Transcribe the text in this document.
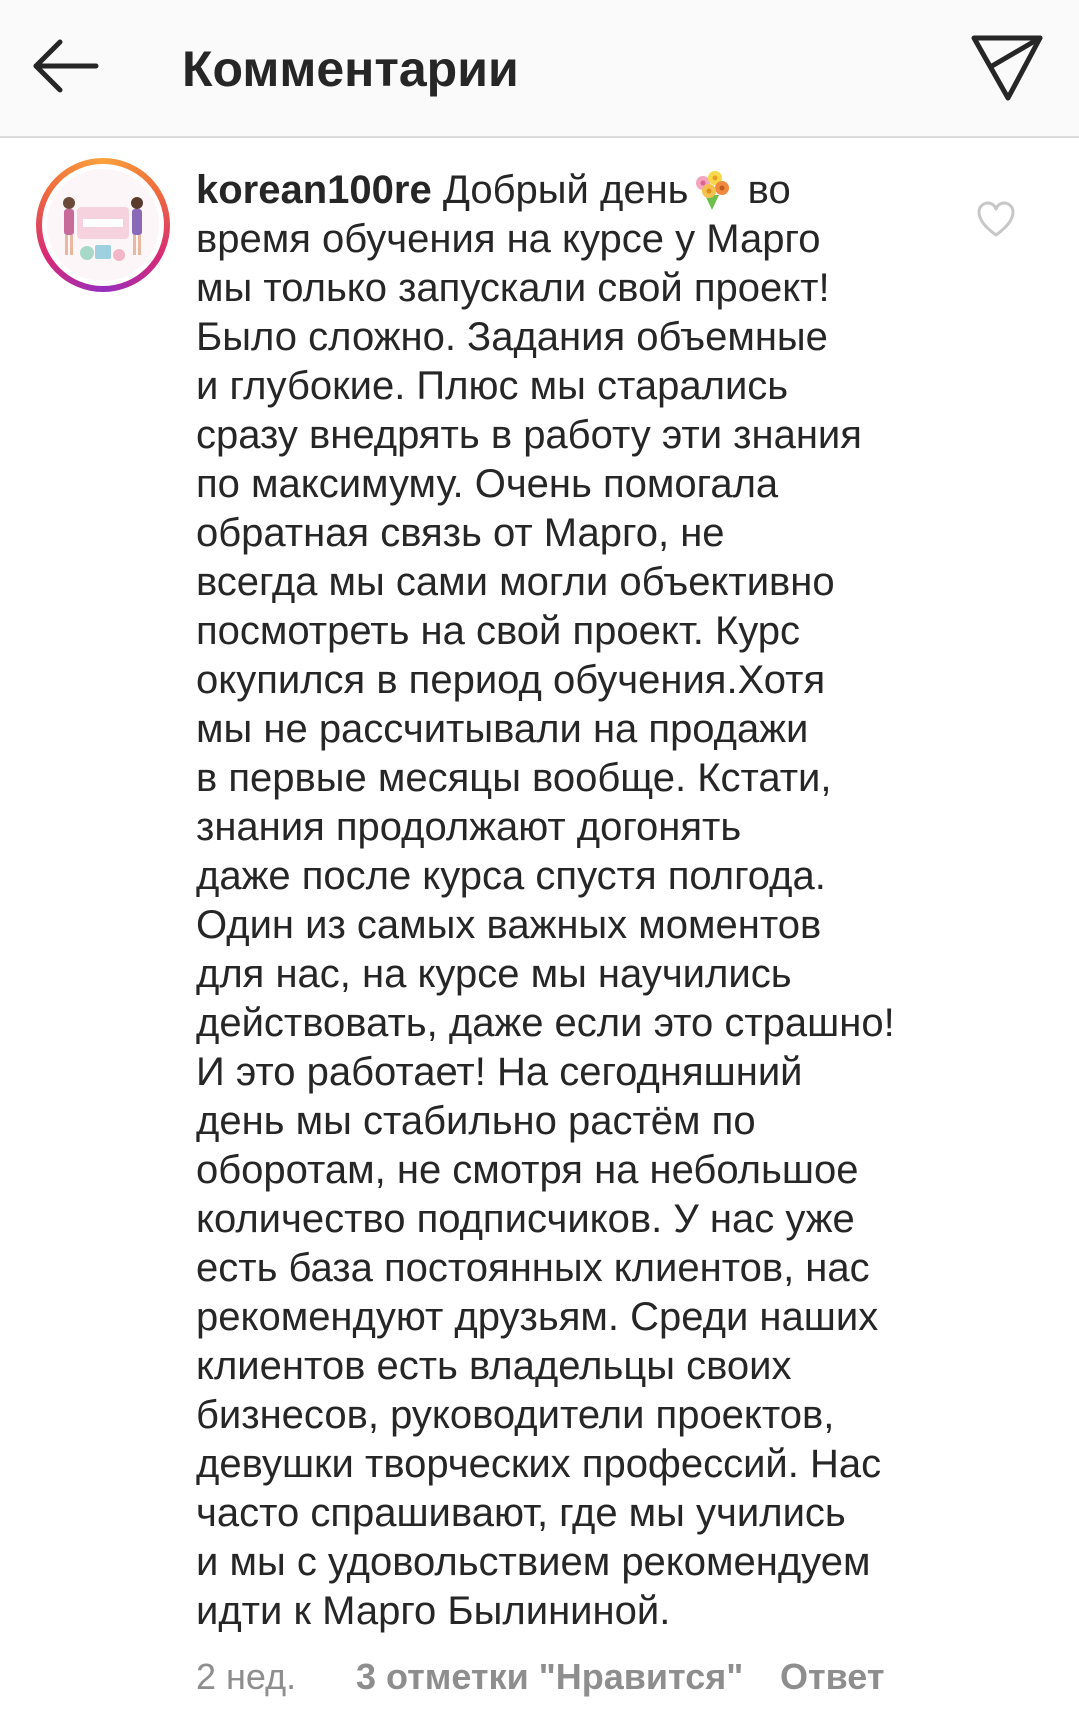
Комментарии
korean100re Добрый день во
время обучения на курсе у Марго
мы только запускали свой проект!
Было сложно. Задания объемные
и глубокие. Плюс мы старались
сразу внедрять в работу эти знания
по максимуму. Очень помогала
обратная связь от Марго, не
всегда мы сами могли объективно
посмотреть на свой проект. Курс
окупился в период обучения.Хотя
мы не рассчитывали на продажи
в первые месяцы вообще. Кстати,
знания продолжают догонять
даже после курса спустя полгода.
Один из самых важных моментов
для нас, на курсе мы научились
действовать, даже если это страшно!
И это работает! На сегодняшний
день мы стабильно растём по
оборотам, не смотря на небольшое
количество подписчиков. У нас уже
есть база постоянных клиентов, нас
рекомендуют друзьям. Среди наших
клиентов есть владельцы своих
бизнесов, руководители проектов,
девушки творческих профессий. Нас
часто спрашивают, где мы учились
и мы с удовольствием рекомендуем
идти к Марго Былининой.
2 нед. 3 отметки "Нравится" Ответ
